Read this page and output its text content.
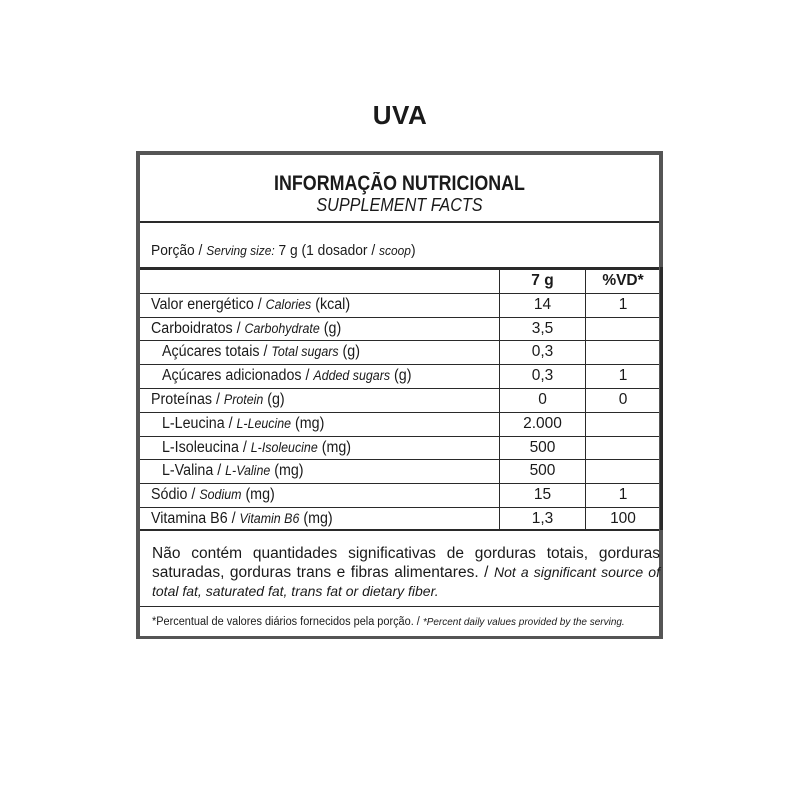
UVA
INFORMAÇÃO NUTRICIONAL
SUPPLEMENT FACTS
Porção / Serving size: 7 g (1 dosador / scoop)
7 g	%VD*
Valor energético / Calories (kcal)	14	1
Carboidratos / Carbohydrate (g)	3,5
Açúcares totais / Total sugars (g)	0,3
Açúcares adicionados / Added sugars (g)	0,3	1
Proteínas / Protein (g)	0	0
L-Leucina / L-Leucine (mg)	2.000
L-Isoleucina / L-Isoleucine (mg)	500
L-Valina / L-Valine (mg)	500
Sódio / Sodium (mg)	15	1
Vitamina B6 / Vitamin B6 (mg)	1,3	100
Não contém quantidades significativas de gorduras totais, gorduras saturadas, gorduras trans e fibras alimentares. / Not a significant source of total fat, saturated fat, trans fat or dietary fiber.
*Percentual de valores diários fornecidos pela porção. / *Percent daily values provided by the serving.
